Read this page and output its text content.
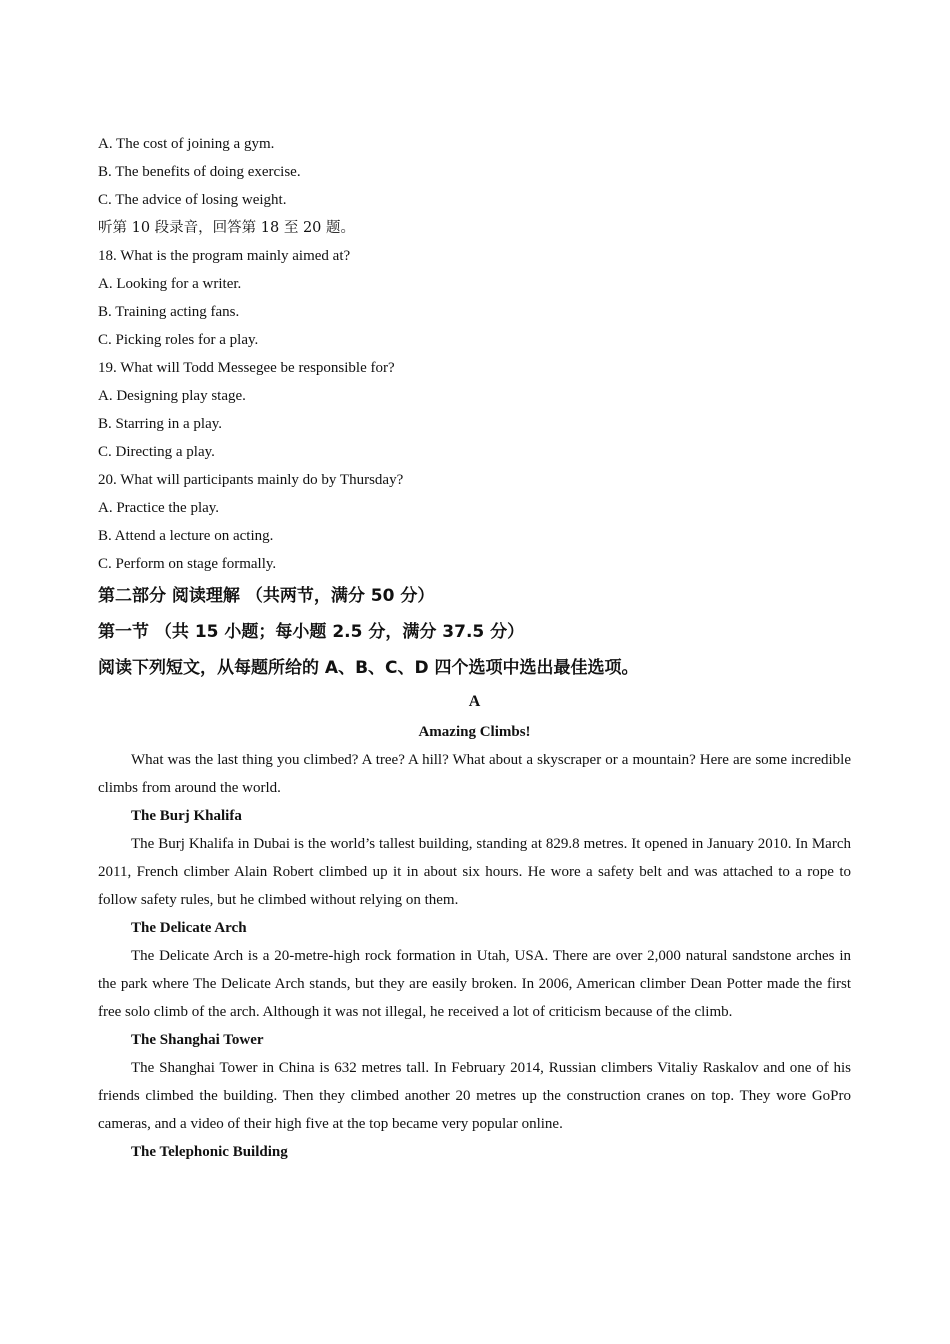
A. The cost of joining a gym.
B. The benefits of doing exercise.
C. The advice of losing weight.
听第 10 段录音，回答第 18 至 20 题。
18. What is the program mainly aimed at?
A. Looking for a writer.
B. Training acting fans.
C. Picking roles for a play.
19. What will Todd Messegee be responsible for?
A. Designing play stage.
B. Starring in a play.
C. Directing a play.
20. What will participants mainly do by Thursday?
A. Practice the play.
B. Attend a lecture on acting.
C. Perform on stage formally.
第二部分 阅读理解 （共两节，满分 50 分）
第一节 （共 15 小题；每小题 2.5 分，满分 37.5 分）
阅读下列短文，从每题所给的 A、B、C、D 四个选项中选出最佳选项。
A
Amazing Climbs!

What was the last thing you climbed? A tree? A hill? What about a skyscraper or a mountain? Here are some incredible climbs from around the world.

The Burj Khalifa

The Burj Khalifa in Dubai is the world’s tallest building, standing at 829.8 metres. It opened in January 2010. In March 2011, French climber Alain Robert climbed up it in about six hours. He wore a safety belt and was attached to a rope to follow safety rules, but he climbed without relying on them.

The Delicate Arch

The Delicate Arch is a 20-metre-high rock formation in Utah, USA. There are over 2,000 natural sandstone arches in the park where The Delicate Arch stands, but they are easily broken. In 2006, American climber Dean Potter made the first free solo climb of the arch. Although it was not illegal, he received a lot of criticism because of the climb.

The Shanghai Tower

The Shanghai Tower in China is 632 metres tall. In February 2014, Russian climbers Vitaliy Raskalov and one of his friends climbed the building. Then they climbed another 20 metres up the construction cranes on top. They wore GoPro cameras, and a video of their high five at the top became very popular online.

The Telephonic Building
